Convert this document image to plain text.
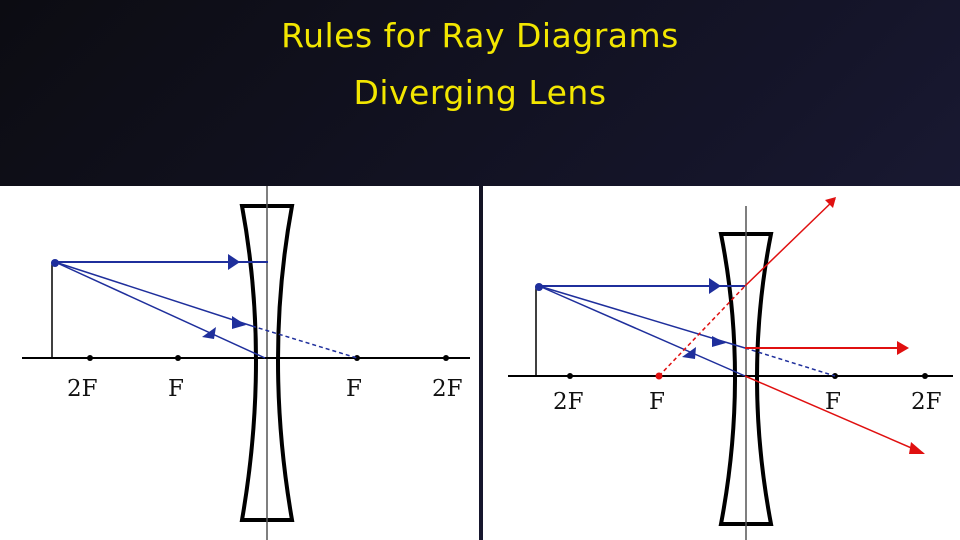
Rules for Ray Diagrams
Diverging Lens
2F	F	F	2F	2F	F	F	2F
